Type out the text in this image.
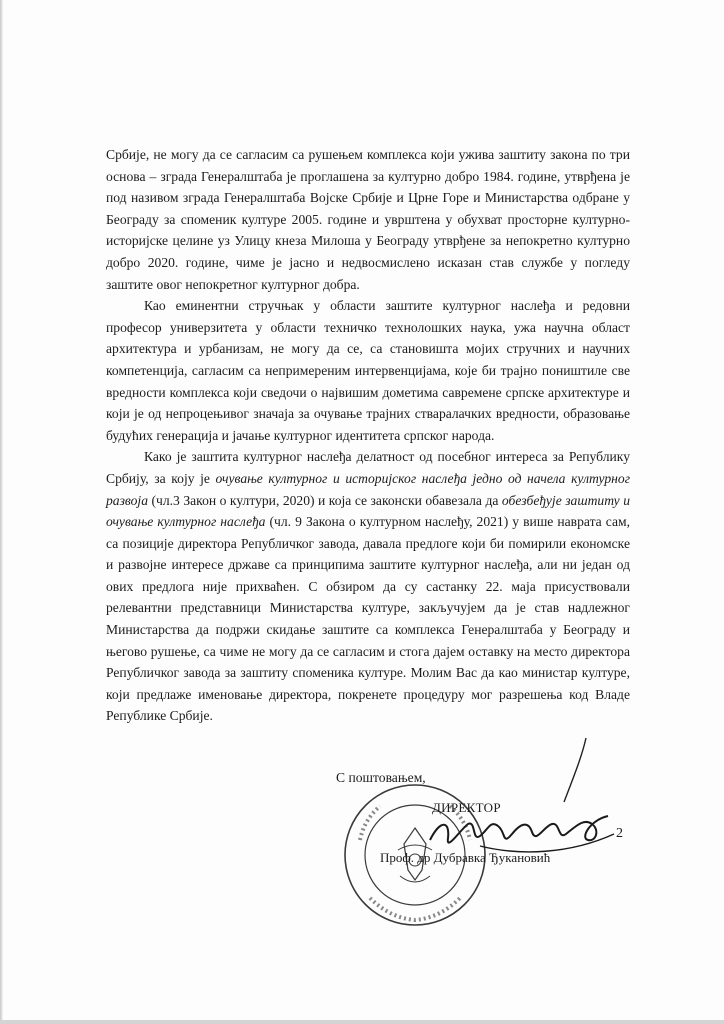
Србије, не могу да се сагласим са рушењем комплекса који ужива заштиту закона по три основа – зграда Генералштаба је проглашена за културно добро 1984. године, утврђена је под називом зграда Генералштаба Војске Србије и Црне Горе и Министарства одбране у Београду за споменик културе 2005. године и уврштена у обухват просторне културно-историјске целине уз Улицу кнеза Милоша у Београду утврђене за непокретно културно добро 2020. године, чиме је јасно и недвосмислено исказан став службе у погледу заштите овог непокретног културног добра.

Као еминентни стручњак у области заштите културног наслеђа и редовни професор универзитета у области техничко технолошких наука, ужа научна област архитектура и урбанизам, не могу да се, са становишта мојих стручних и научних компетенција, сагласим са непримереним интервенцијама, које би трајно поништиле све вредности комплекса који сведочи о највишим дометима савремене српске архитектуре и који је од непроцењивог значаја за очување трајних стваралачких вредности, образовање будућих генерација и јачање културног идентитета српског народа.

Како је заштита културног наслеђа делатност од посебног интереса за Републику Србију, за коју је очување културног и историјског наслеђа једно од начела културног развоја (чл.3 Закон о култури, 2020) и која се законски обавезала да обезбеђује заштиту и очување културног наслеђа (чл. 9 Закона о културном наслеђу, 2021) у више наврата сам, са позиције директора Републичког завода, давала предлоге који би помирили економске и развојне интересе државе са принципима заштите културног наслеђа, али ни један од ових предлога није прихваћен. С обзиром да су састанку 22. маја присуствовали релевантни представници Министарства културе, закључујем да је став надлежног Министарства да подржи скидање заштите са комплекса Генералштаба у Београду и његово рушење, са чиме не могу да се сагласим и стога дајем оставку на место директора Републичког завода за заштиту споменика културе. Молим Вас да као министар културе, који предлаже именовање директора, покренете процедуру мог разрешења код Владе Републике Србије.

С поштовањем,
ДИРЕКТОР
Проф. др Дубравка Ђукановић
2
